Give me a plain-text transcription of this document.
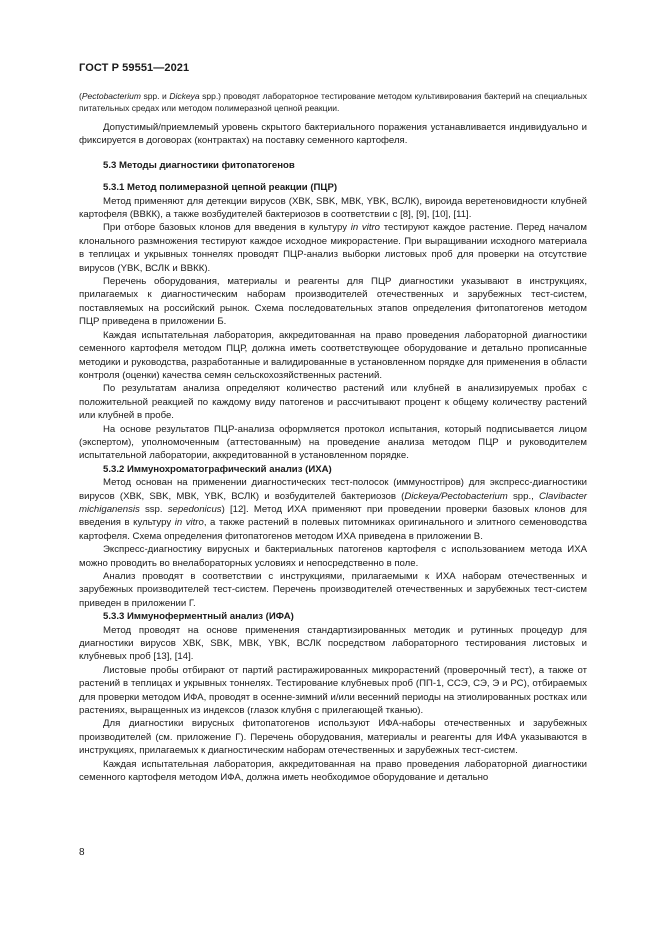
ГОСТ Р 59551—2021

(Pectobacterium spp. и Dickeya spp.) проводят лабораторное тестирование методом культивирования бактерий на специальных питательных средах или методом полимеразной цепной реакции.

Допустимый/приемлемый уровень скрытого бактериального поражения устанавливается индивидуально и фиксируется в договорах (контрактах) на поставку семенного картофеля.

5.3 Методы диагностики фитопатогенов

5.3.1 Метод полимеразной цепной реакции (ПЦР)

Метод применяют для детекции вирусов (ХВК, SBK, МВК, YBK, ВСЛК), вироида веретеновидности клубней картофеля (ВВКК), а также возбудителей бактериозов в соответствии с [8], [9], [10], [11].

При отборе базовых клонов для введения в культуру in vitro тестируют каждое растение. Перед началом клонального размножения тестируют каждое исходное микрорастение. При выращивании исходного материала в теплицах и укрывных тоннелях проводят ПЦР-анализ выборки листовых проб для проверки на отсутствие вирусов (YBK, ВСЛК и ВВКК).

Перечень оборудования, материалы и реагенты для ПЦР диагностики указывают в инструкциях, прилагаемых к диагностическим наборам производителей отечественных и зарубежных тест-систем, поставляемых на российский рынок. Схема последовательных этапов определения фитопатогенов методом ПЦР приведена в приложении Б.

Каждая испытательная лаборатория, аккредитованная на право проведения лабораторной диагностики семенного картофеля методом ПЦР, должна иметь соответствующее оборудование и детально прописанные методики и руководства, разработанные и валидированные в установленном порядке для применения в области контроля (оценки) качества семян сельскохозяйственных растений.

По результатам анализа определяют количество растений или клубней в анализируемых пробах с положительной реакцией по каждому виду патогенов и рассчитывают процент к общему количеству растений или клубней в пробе.

На основе результатов ПЦР-анализа оформляется протокол испытания, который подписывается лицом (экспертом), уполномоченным (аттестованным) на проведение анализа методом ПЦР и руководителем испытательной лаборатории, аккредитованной в установленном порядке.

5.3.2 Иммунохроматографический анализ (ИХА)

Метод основан на применении диагностических тест-полосок (иммуностripов) для экспресс-диагностики вирусов (ХВК, SBK, МВК, YBK, ВСЛК) и возбудителей бактериозов (Dickeya/Pectobacterium spp., Clavibacter michiganensis ssp. sepedonicus) [12]. Метод ИХА применяют при проведении проверки базовых клонов для введения в культуру in vitro, а также растений в полевых питомниках оригинального и элитного семеноводства картофеля. Схема определения фитопатогенов методом ИХА приведена в приложении В.

Экспресс-диагностику вирусных и бактериальных патогенов картофеля с использованием метода ИХА можно проводить во внелабораторных условиях и непосредственно в поле.

Анализ проводят в соответствии с инструкциями, прилагаемыми к ИХА наборам отечественных и зарубежных производителей тест-систем. Перечень производителей отечественных и зарубежных тест-систем приведен в приложении Г.

5.3.3 Иммуноферментный анализ (ИФА)

Метод проводят на основе применения стандартизированных методик и рутинных процедур для диагностики вирусов ХВК, SBK, МВК, YBK, ВСЛК посредством лабораторного тестирования листовых и клубневых проб [13], [14].

Листовые пробы отбирают от партий растиражированных микрорастений (проверочный тест), а также от растений в теплицах и укрывных тоннелях. Тестирование клубневых проб (ПП-1, ССЭ, СЭ, Э и РС), отбираемых для проверки методом ИФА, проводят в осенне-зимний и/или весенний периоды на этиолированных ростках или растениях, выращенных из индексов (глазок клубня с прилегающей тканью).

Для диагностики вирусных фитопатогенов используют ИФА-наборы отечественных и зарубежных производителей (см. приложение Г). Перечень оборудования, материалы и реагенты для ИФА указываются в инструкциях, прилагаемых к диагностическим наборам отечественных и зарубежных тест-систем.

Каждая испытательная лаборатория, аккредитованная на право проведения лабораторной диагностики семенного картофеля методом ИФА, должна иметь необходимое оборудование и детально

8
